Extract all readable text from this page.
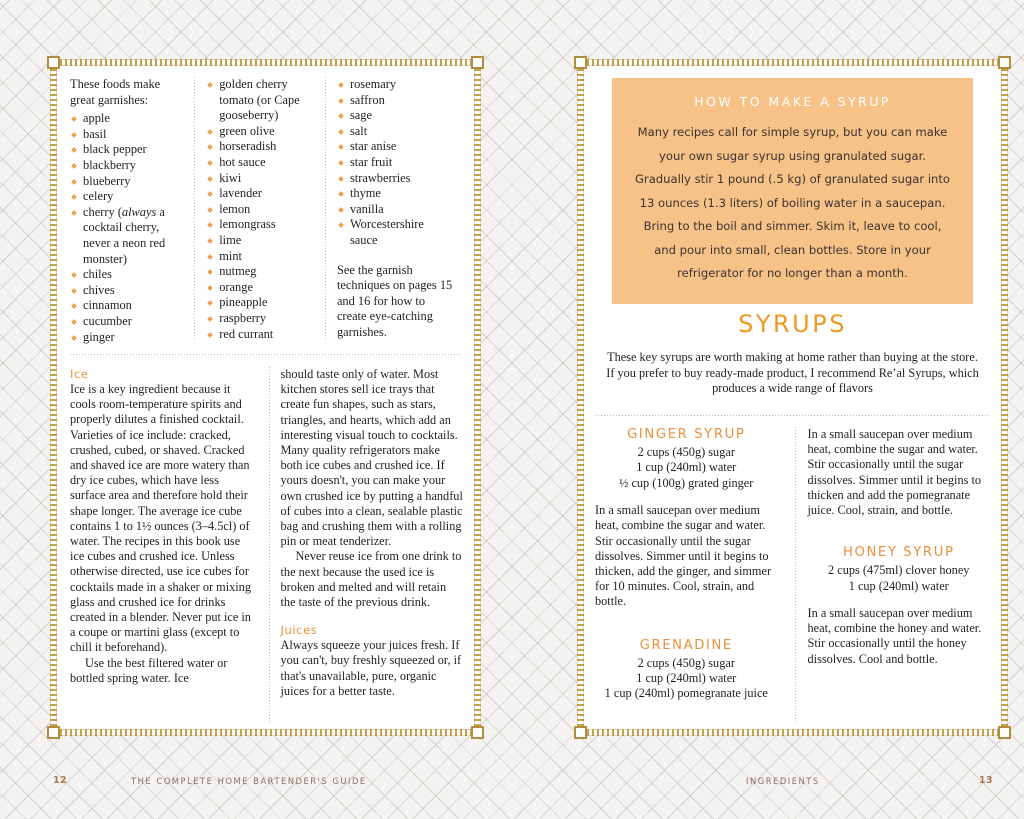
These foods make great garnishes:

apple
basil
black pepper
blackberry
blueberry
celery
cherry (always a cocktail cherry, never a neon red monster)
chiles
chives
cinnamon
cucumber
ginger
golden cherry tomato (or Cape gooseberry)
green olive
horseradish
hot sauce
kiwi
lavender
lemon
lemongrass
lime
mint
nutmeg
orange
pineapple
raspberry
red currant
rosemary
saffron
sage
salt
star anise
star fruit
strawberries
thyme
vanilla
Worcestershire sauce

See the garnish techniques on pages 15 and 16 for how to create eye-catching garnishes.

Ice

Ice is a key ingredient because it cools room-temperature spirits and properly dilutes a finished cocktail. Varieties of ice include: cracked, crushed, cubed, or shaved. Cracked and shaved ice are more watery than dry ice cubes, which have less surface area and therefore hold their shape longer. The average ice cube contains 1 to 1½ ounces (3–4.5cl) of water. The recipes in this book use ice cubes and crushed ice. Unless otherwise directed, use ice cubes for cocktails made in a shaker or mixing glass and crushed ice for drinks created in a blender. Never put ice in a coupe or martini glass (except to chill it beforehand).

Use the best filtered water or bottled spring water. Ice

should taste only of water. Most kitchen stores sell ice trays that create fun shapes, such as stars, triangles, and hearts, which add an interesting visual touch to cocktails. Many quality refrigerators make both ice cubes and crushed ice. If yours doesn't, you can make your own crushed ice by putting a handful of cubes into a clean, sealable plastic bag and crushing them with a rolling pin or meat tenderizer.

Never reuse ice from one drink to the next because the used ice is broken and melted and will retain the taste of the previous drink.

Juices

Always squeeze your juices fresh. If you can't, buy freshly squeezed or, if that's unavailable, pure, organic juices for a better taste.

12	THE COMPLETE HOME BARTENDER'S GUIDE
HOW TO MAKE A SYRUP

Many recipes call for simple syrup, but you can make your own sugar syrup using granulated sugar. Gradually stir 1 pound (.5 kg) of granulated sugar into 13 ounces (1.3 liters) of boiling water in a saucepan. Bring to the boil and simmer. Skim it, leave to cool, and pour into small, clean bottles. Store in your refrigerator for no longer than a month.

SYRUPS
These key syrups are worth making at home rather than buying at the store. If you prefer to buy ready-made product, I recommend Re’al Syrups, which produces a wide range of flavors
GINGER SYRUP
2 cups (450g) sugar
1 cup (240ml) water
½ cup (100g) grated ginger

In a small saucepan over medium heat, combine the sugar and water. Stir occasionally until the sugar dissolves. Simmer until it begins to thicken, add the ginger, and simmer for 10 minutes. Cool, strain, and bottle.

GRENADINE
2 cups (450g) sugar
1 cup (240ml) water
1 cup (240ml) pomegranate juice

In a small saucepan over medium heat, combine the sugar and water. Stir occasionally until the sugar dissolves. Simmer until it begins to thicken and add the pomegranate juice. Cool, strain, and bottle.

HONEY SYRUP
2 cups (475ml) clover honey
1 cup (240ml) water

In a small saucepan over medium heat, combine the honey and water. Stir occasionally until the honey dissolves. Cool and bottle.

INGREDIENTS	13
